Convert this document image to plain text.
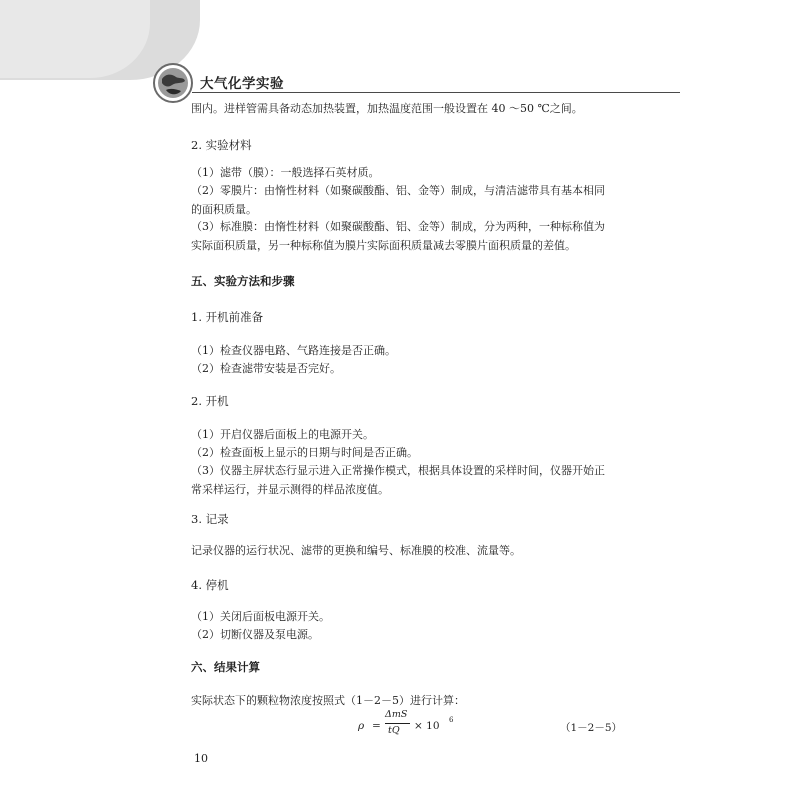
大气化学实验
围内。进样管需具备动态加热装置，加热温度范围一般设置在 40 ～50 ℃之间。
2. 实验材料
（1）滤带（膜）：一般选择石英材质。
（2）零膜片：由惰性材料（如聚碳酸酯、铝、金等）制成，与清洁滤带具有基本相同的面积质量。
（3）标准膜：由惰性材料（如聚碳酸酯、铝、金等）制成，分为两种，一种标称值为实际面积质量，另一种标称值为膜片实际面积质量减去零膜片面积质量的差值。
五、实验方法和步骤
1. 开机前准备
（1）检查仪器电路、气路连接是否正确。
（2）检查滤带安装是否完好。
2. 开机
（1）开启仪器后面板上的电源开关。
（2）检查面板上显示的日期与时间是否正确。
（3）仪器主屏状态行显示进入正常操作模式，根据具体设置的采样时间，仪器开始正常采样运行，并显示测得的样品浓度值。
3. 记录
记录仪器的运行状况、滤带的更换和编号、标准膜的校准、流量等。
4. 停机
（1）关闭后面板电源开关。
（2）切断仪器及泵电源。
六、结果计算
实际状态下的颗粒物浓度按照式（1－2－5）进行计算：
ρ =
ΔmS
tQ × 10 6
（1－2－5）
10
